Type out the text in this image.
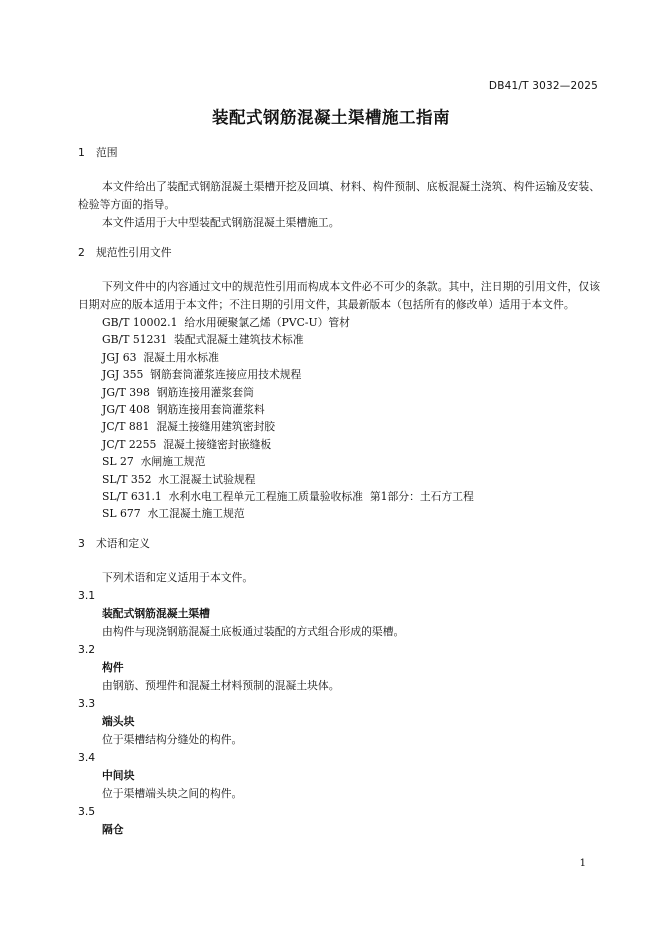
DB41/T 3032—2025
装配式钢筋混凝土渠槽施工指南
1	范围
本文件给出了装配式钢筋混凝土渠槽开挖及回填、材料、构件预制、底板混凝土浇筑、构件运输及安装、检验等方面的指导。
本文件适用于大中型装配式钢筋混凝土渠槽施工。
2	规范性引用文件
下列文件中的内容通过文中的规范性引用而构成本文件必不可少的条款。其中，注日期的引用文件，仅该日期对应的版本适用于本文件；不注日期的引用文件，其最新版本（包括所有的修改单）适用于本文件。
GB/T 10002.1  给水用硬聚氯乙烯（PVC-U）管材
GB/T 51231  装配式混凝土建筑技术标准
JGJ 63  混凝土用水标准
JGJ 355  钢筋套筒灌浆连接应用技术规程
JG/T 398  钢筋连接用灌浆套筒
JG/T 408  钢筋连接用套筒灌浆料
JC/T 881  混凝土接缝用建筑密封胶
JC/T 2255  混凝土接缝密封嵌缝板
SL 27  水闸施工规范
SL/T 352  水工混凝土试验规程
SL/T 631.1  水利水电工程单元工程施工质量验收标准  第1部分：土石方工程
SL 677  水工混凝土施工规范
3	术语和定义
下列术语和定义适用于本文件。
3.1
装配式钢筋混凝土渠槽
由构件与现浇钢筋混凝土底板通过装配的方式组合形成的渠槽。
3.2
构件
由钢筋、预埋件和混凝土材料预制的混凝土块体。
3.3
端头块
位于渠槽结构分缝处的构件。
3.4
中间块
位于渠槽端头块之间的构件。
3.5
隔仓
1
